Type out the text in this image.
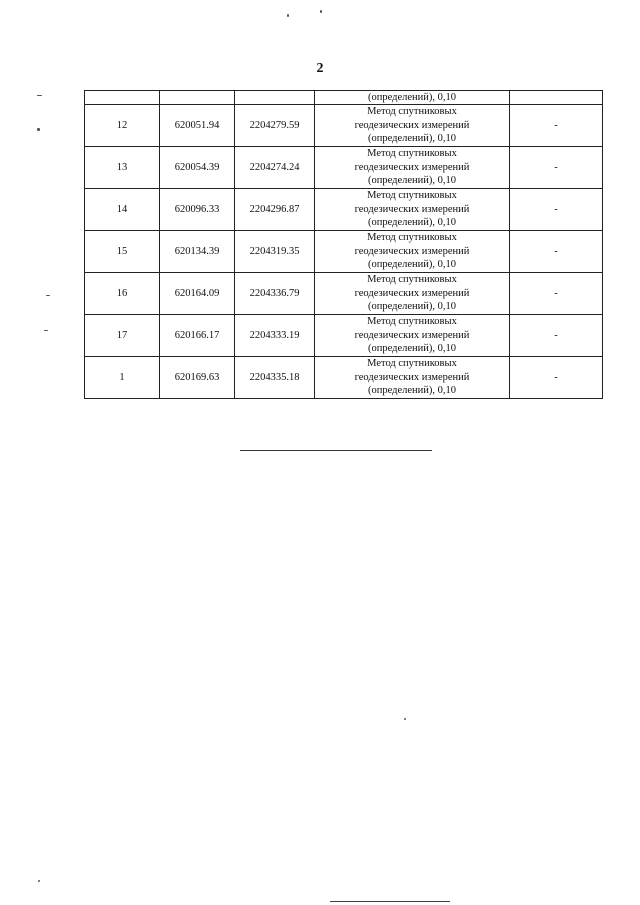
2
			(определений), 0,10	
12	620051.94	2204279.59	Метод спутниковых
геодезических измерений
(определений), 0,10	-
13	620054.39	2204274.24	Метод спутниковых
геодезических измерений
(определений), 0,10	-
14	620096.33	2204296.87	Метод спутниковых
геодезических измерений
(определений), 0,10	-
15	620134.39	2204319.35	Метод спутниковых
геодезических измерений
(определений), 0,10	-
16	620164.09	2204336.79	Метод спутниковых
геодезических измерений
(определений), 0,10	-
17	620166.17	2204333.19	Метод спутниковых
геодезических измерений
(определений), 0,10	-
1	620169.63	2204335.18	Метод спутниковых
геодезических измерений
(определений), 0,10	-
